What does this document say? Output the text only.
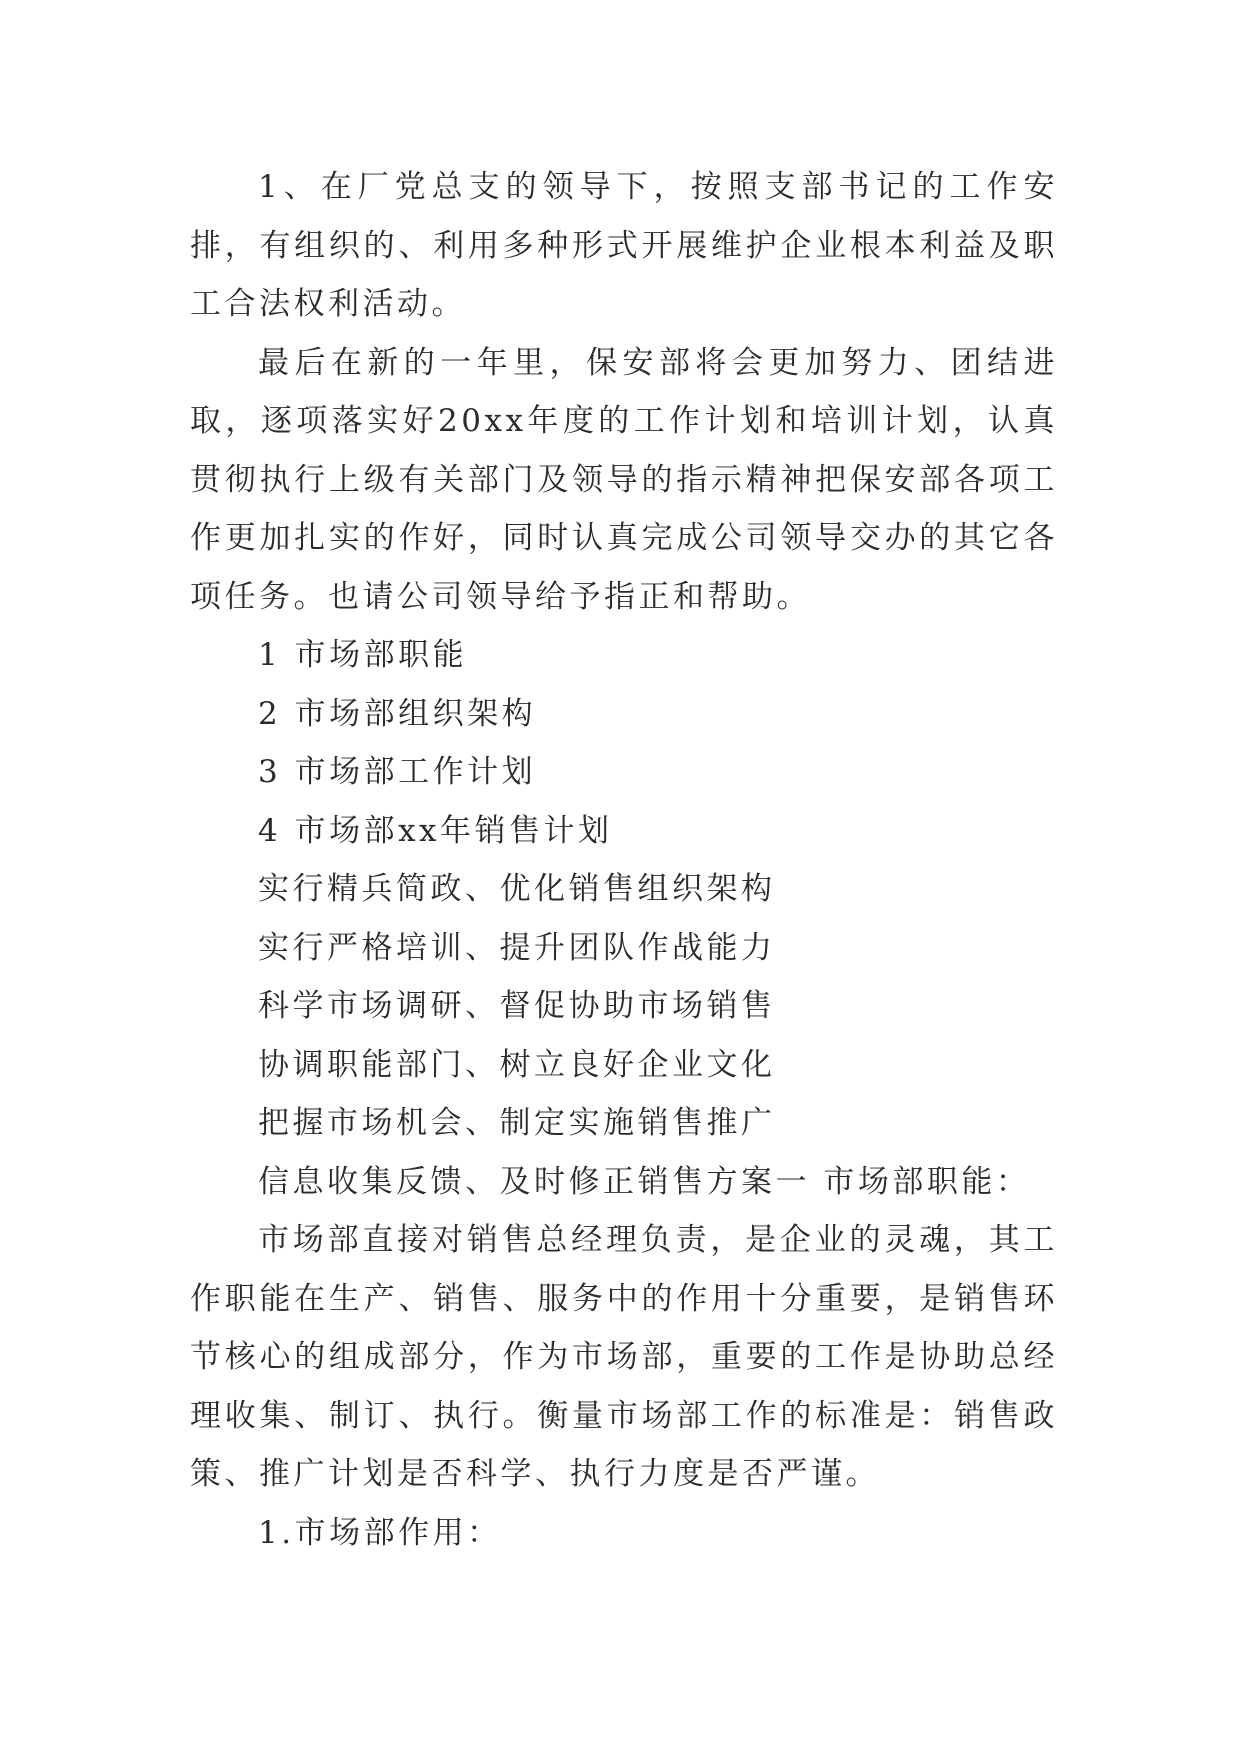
1、在厂党总支的领导下，按照支部书记的工作安排，有组织的、利用多种形式开展维护企业根本利益及职工合法权利活动。

最后在新的一年里，保安部将会更加努力、团结进取，逐项落实好20xx年度的工作计划和培训计划，认真贯彻执行上级有关部门及领导的指示精神把保安部各项工作更加扎实的作好，同时认真完成公司领导交办的其它各项任务。也请公司领导给予指正和帮助。

1 市场部职能

2 市场部组织架构

3 市场部工作计划

4 市场部xx年销售计划

实行精兵简政、优化销售组织架构

实行严格培训、提升团队作战能力

科学市场调研、督促协助市场销售

协调职能部门、树立良好企业文化

把握市场机会、制定实施销售推广

信息收集反馈、及时修正销售方案一 市场部职能：

市场部直接对销售总经理负责，是企业的灵魂，其工作职能在生产、销售、服务中的作用十分重要，是销售环节核心的组成部分，作为市场部，重要的工作是协助总经理收集、制订、执行。衡量市场部工作的标准是：销售政策、推广计划是否科学、执行力度是否严谨。

1.市场部作用：
